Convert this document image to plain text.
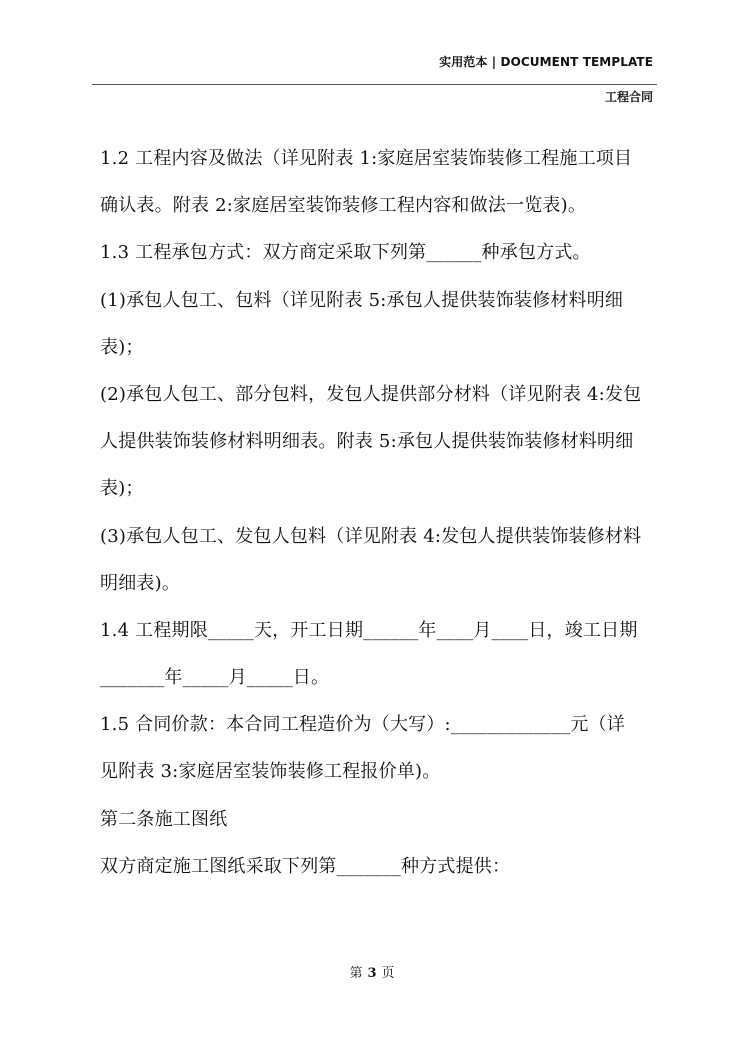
实用范本 | DOCUMENT TEMPLATE
工程合同
1.2 工程内容及做法（详见附表 1:家庭居室装饰装修工程施工项目
确认表。附表 2:家庭居室装饰装修工程内容和做法一览表)。
1.3 工程承包方式：双方商定采取下列第______种承包方式。
(1)承包人包工、包料（详见附表 5:承包人提供装饰装修材料明细
表)；
(2)承包人包工、部分包料，发包人提供部分材料（详见附表 4:发包
人提供装饰装修材料明细表。附表 5:承包人提供装饰装修材料明细
表)；
(3)承包人包工、发包人包料（详见附表 4:发包人提供装饰装修材料
明细表)。
1.4 工程期限_____天，开工日期______年____月____日，竣工日期
_______年_____月_____日。
1.5 合同价款：本合同工程造价为（大写）:_____________元（详
见附表 3:家庭居室装饰装修工程报价单)。
第二条施工图纸
双方商定施工图纸采取下列第_______种方式提供：
第 3 页
